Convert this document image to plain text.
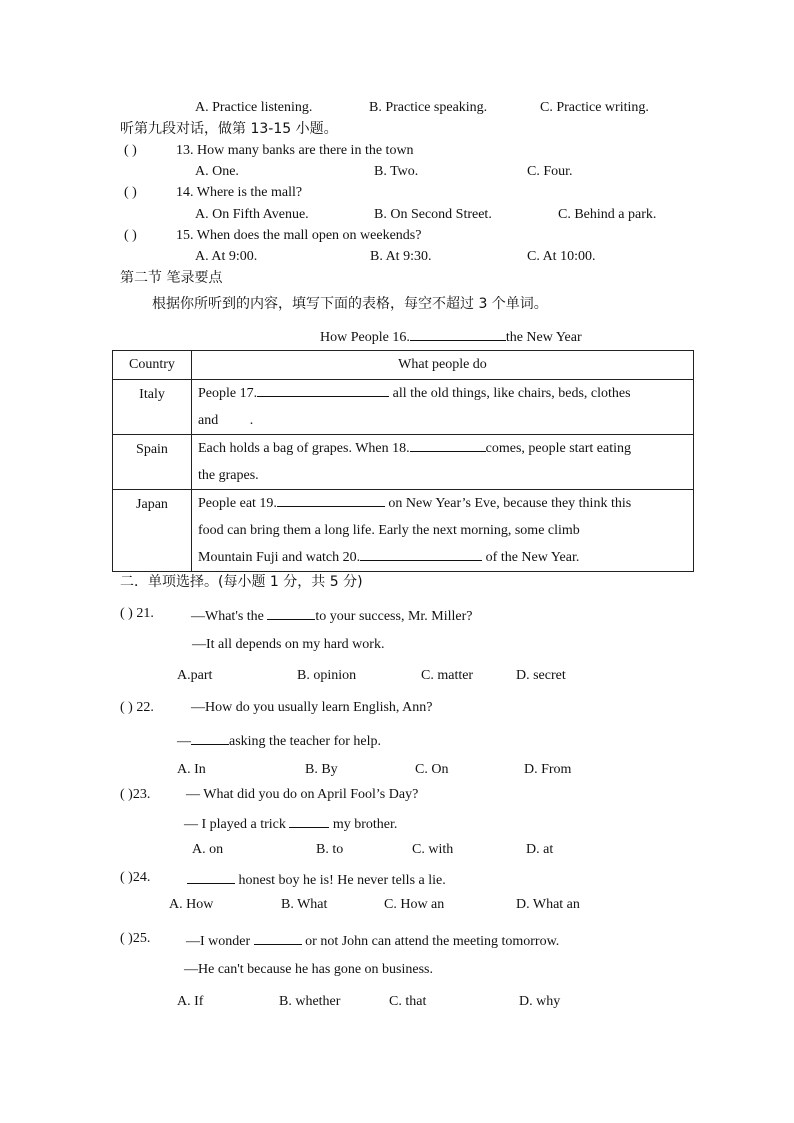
A. Practice listening.	B. Practice speaking.	C. Practice writing.
听第九段对话，做第 13-15 小题。
( )	13. How many banks are there in the town
A. One.	B. Two.	C. Four.
( )	14. Where is the mall?
A. On Fifth Avenue.	B. On Second Street.	C. Behind a park.
( )	15. When does the mall open on weekends?
A. At 9:00.	B. At 9:30.	C. At 10:00.
第二节 笔录要点
根据你所听到的内容，填写下面的表格，每空不超过 3 个单词。
How People 16.	the New Year
Country	What people do
Italy	People 17. all the old things, like chairs, beds, clothes
and         .

Spain	Each holds a bag of grapes. When 18. comes, people start eating
the grapes.

Japan	People eat 19. on New Year’s Eve, because they think this
food can bring them a long life. Early the next morning, some climb
Mountain Fuji and watch 20. of the New Year.
二．单项选择。(每小题 1 分，共 5 分)
( ) 21.	—What's the	to your success, Mr. Miller?
—It all depends on my hard work.
A.part	B. opinion	C. matter	D. secret
( ) 22.	—How do you usually learn English, Ann?
—	asking the teacher for help.
A. In	B. By	C. On	D. From
( )23.	— What did you do on April Fool’s Day?
— I played a trick	my brother.
A. on	B. to	C. with	D. at
( )24.	honest boy he is! He never tells a lie.
A. How	B. What	C. How an	D. What an
( )25.	—I wonder	or not John can attend the meeting tomorrow.
—He can't because he has gone on business.
A. If	B. whether	C. that	D. why
